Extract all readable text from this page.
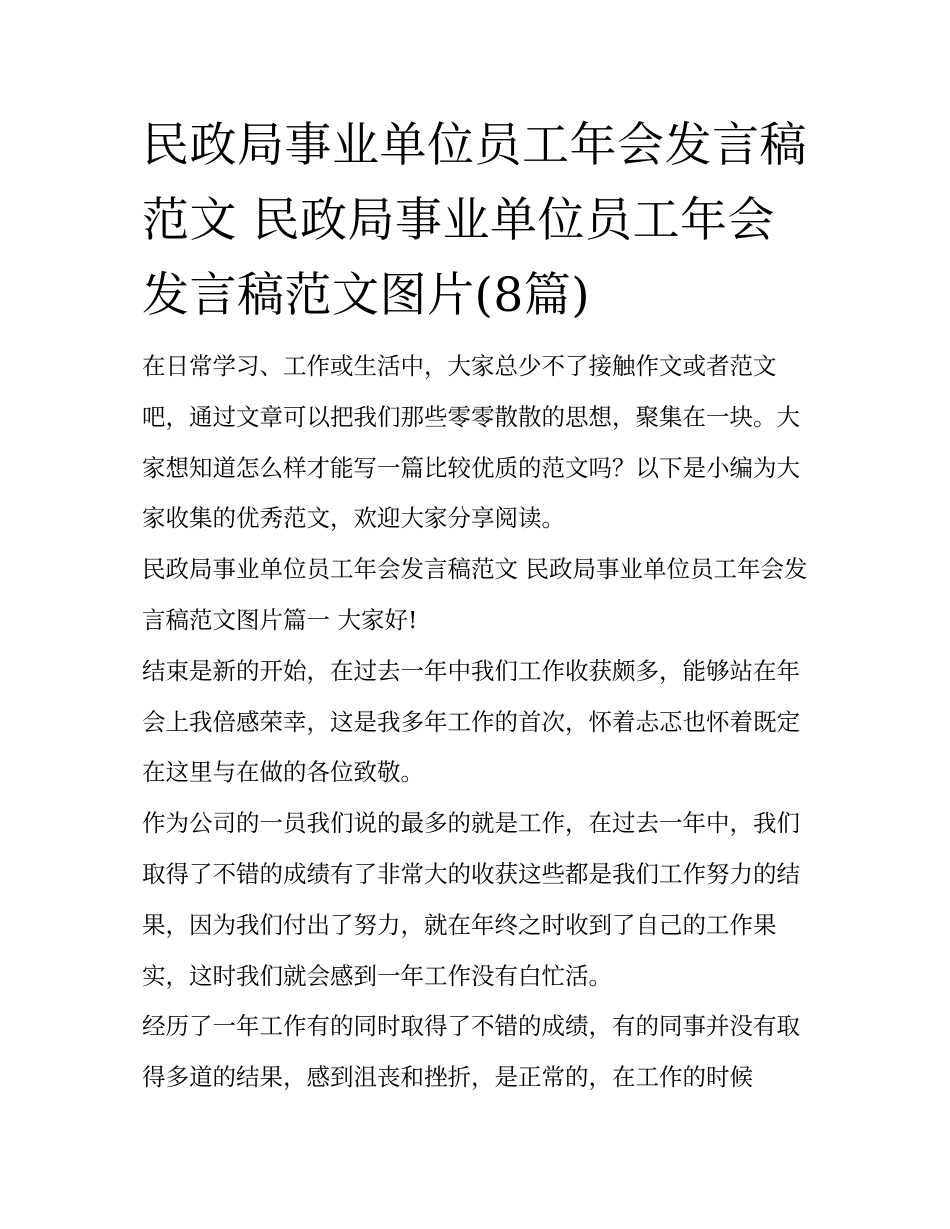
民政局事业单位员工年会发言稿范文 民政局事业单位员工年会发言稿范文图片(8篇)

在日常学习、工作或生活中，大家总少不了接触作文或者范文吧，通过文章可以把我们那些零零散散的思想，聚集在一块。大家想知道怎么样才能写一篇比较优质的范文吗？以下是小编为大家收集的优秀范文，欢迎大家分享阅读。

民政局事业单位员工年会发言稿范文 民政局事业单位员工年会发言稿范文图片篇一 大家好!

结束是新的开始，在过去一年中我们工作收获颇多，能够站在年会上我倍感荣幸，这是我多年工作的首次，怀着忐忑也怀着既定在这里与在做的各位致敬。

作为公司的一员我们说的最多的就是工作，在过去一年中，我们取得了不错的成绩有了非常大的收获这些都是我们工作努力的结果，因为我们付出了努力，就在年终之时收到了自己的工作果实，这时我们就会感到一年工作没有白忙活。

经历了一年工作有的同时取得了不错的成绩，有的同事并没有取得多道的结果，感到沮丧和挫折，是正常的，在工作的时候
